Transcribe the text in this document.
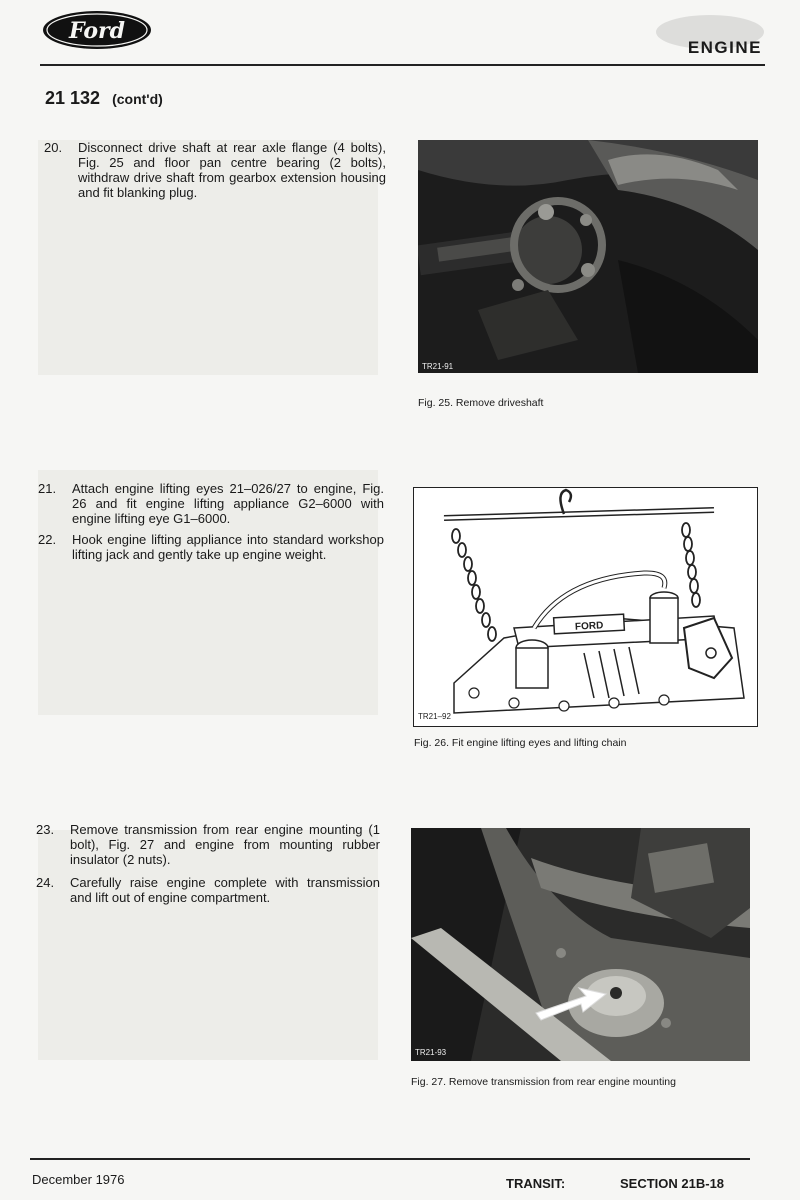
Ford
ENGINE
21 132 (cont'd)
20. Disconnect drive shaft at rear axle flange (4 bolts), Fig. 25 and floor pan centre bearing (2 bolts), withdraw drive shaft from gearbox extension housing and fit blanking plug.
TR21-91
Fig. 25. Remove driveshaft
21. Attach engine lifting eyes 21–026/27 to engine, Fig. 26 and fit engine lifting appliance G2–6000 with engine lifting eye G1–6000.
22. Hook engine lifting appliance into standard workshop lifting jack and gently take up engine weight.
FORD
TR21–92
Fig. 26. Fit engine lifting eyes and lifting chain
23. Remove transmission from rear engine mounting (1 bolt), Fig. 27 and engine from mounting rubber insulator (2 nuts).
24. Carefully raise engine complete with transmission and lift out of engine compartment.
TR21-93
Fig. 27. Remove transmission from rear engine mounting
December 1976	TRANSIT:	SECTION 21B-18
